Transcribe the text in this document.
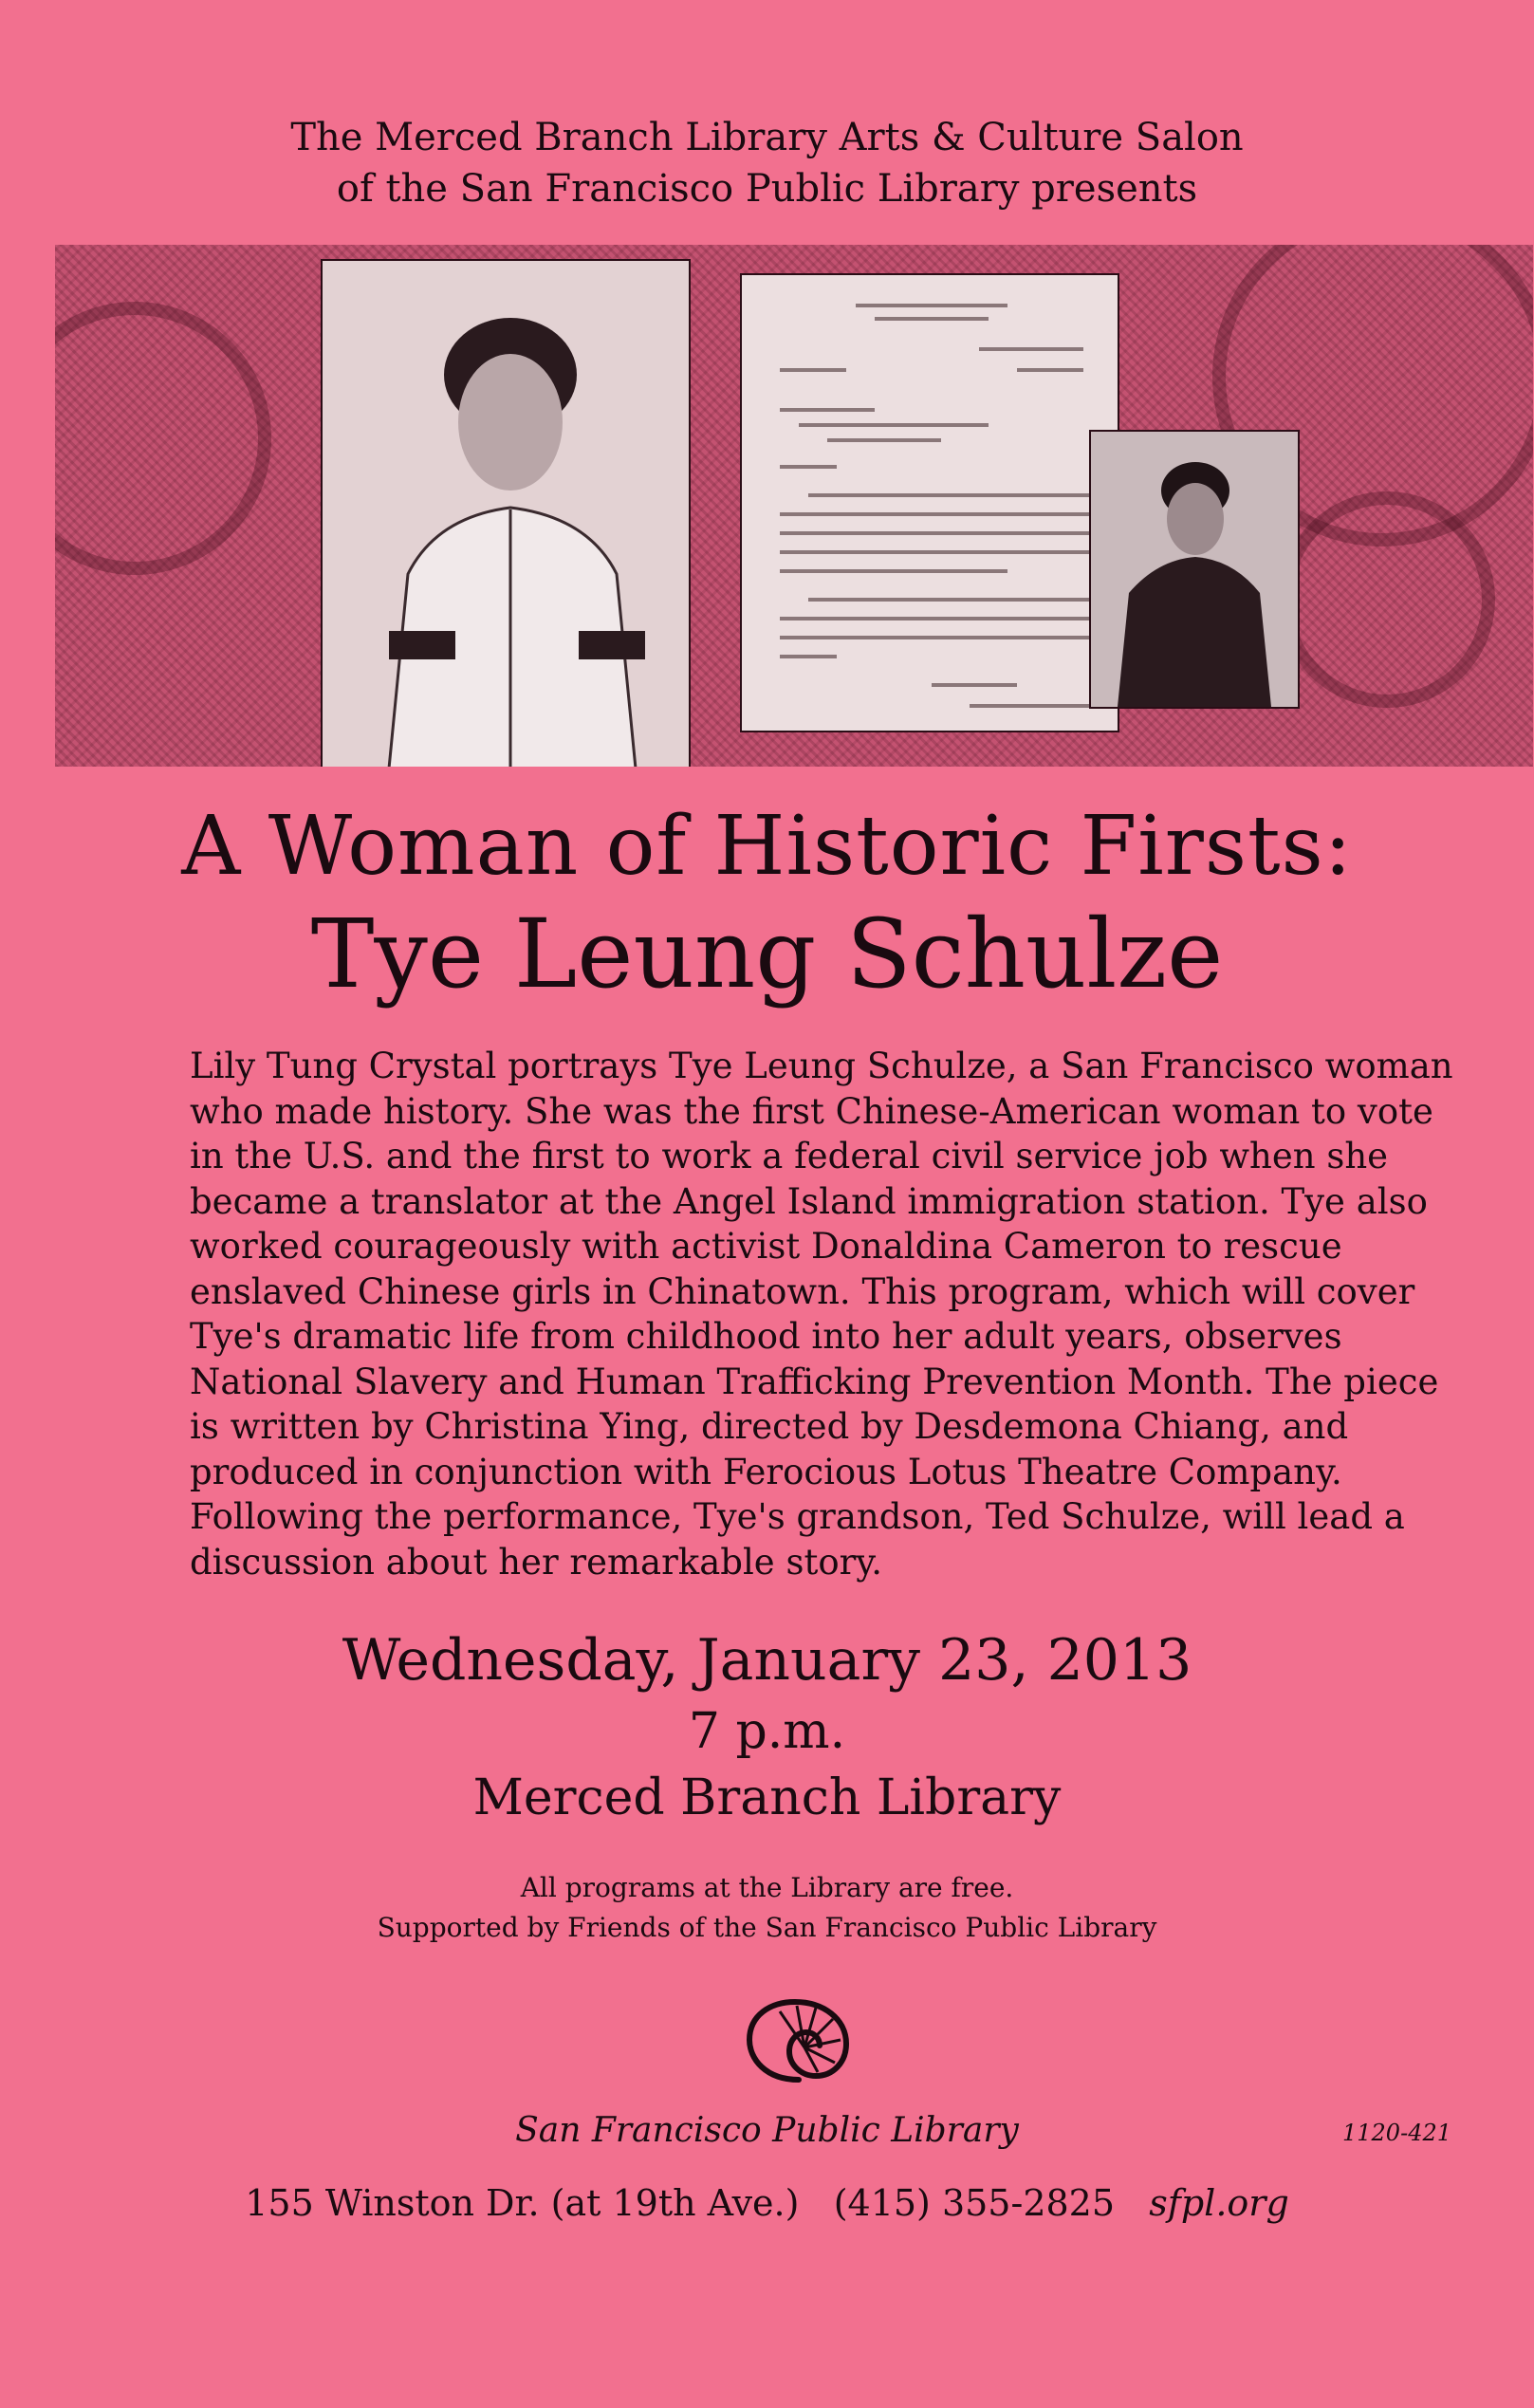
The Merced Branch Library Arts & Culture Salon
of the San Francisco Public Library presents
A Woman of Historic Firsts:
Tye Leung Schulze
Lily Tung Crystal portrays Tye Leung Schulze, a San Francisco woman who made history. She was the first Chinese-American woman to vote in the U.S. and the first to work a federal civil service job when she became a translator at the Angel Island immigration station. Tye also worked courageously with activist Donaldina Cameron to rescue enslaved Chinese girls in Chinatown. This program, which will cover Tye's dramatic life from childhood into her adult years, observes National Slavery and Human Trafficking Prevention Month. The piece is written by Christina Ying, directed by Desdemona Chiang, and produced in conjunction with Ferocious Lotus Theatre Company. Following the performance, Tye's grandson, Ted Schulze, will lead a discussion about her remarkable story.
Wednesday, January 23, 2013
7 p.m.
Merced Branch Library
All programs at the Library are free.
Supported by Friends of the San Francisco Public Library
San Francisco Public Library	1120-421
155 Winston Dr. (at 19th Ave.) (415) 355-2825 sfpl.org
